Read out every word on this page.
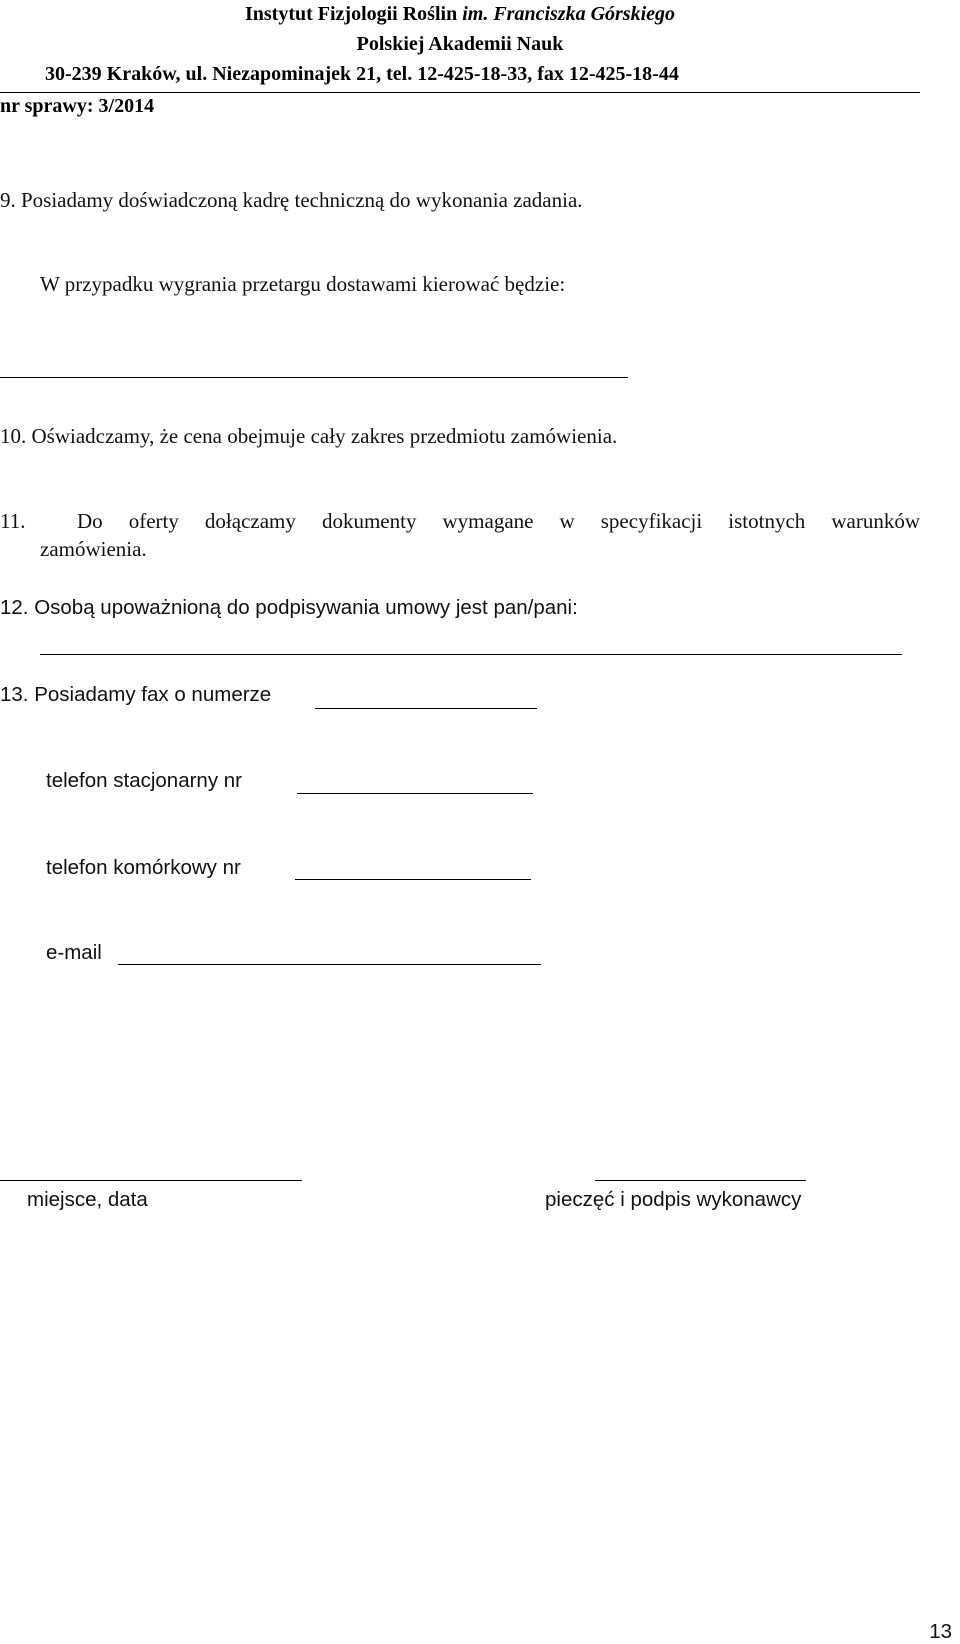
Instytut Fizjologii Roślin im. Franciszka Górskiego
Polskiej Akademii Nauk
30-239 Kraków, ul. Niezapominajek 21, tel. 12-425-18-33, fax 12-425-18-44
nr sprawy: 3/2014
9. Posiadamy doświadczoną kadrę techniczną do wykonania zadania.
W przypadku wygrania przetargu dostawami kierować będzie:
10. Oświadczamy, że cena obejmuje cały zakres przedmiotu zamówienia.
11. Do oferty dołączamy dokumenty wymagane w specyfikacji istotnych warunków
zamówienia.
12. Osobą upoważnioną do podpisywania umowy jest pan/pani:
13. Posiadamy fax o numerze
telefon stacjonarny nr
telefon komórkowy nr
e-mail
miejsce, data	pieczęć i podpis wykonawcy
13
